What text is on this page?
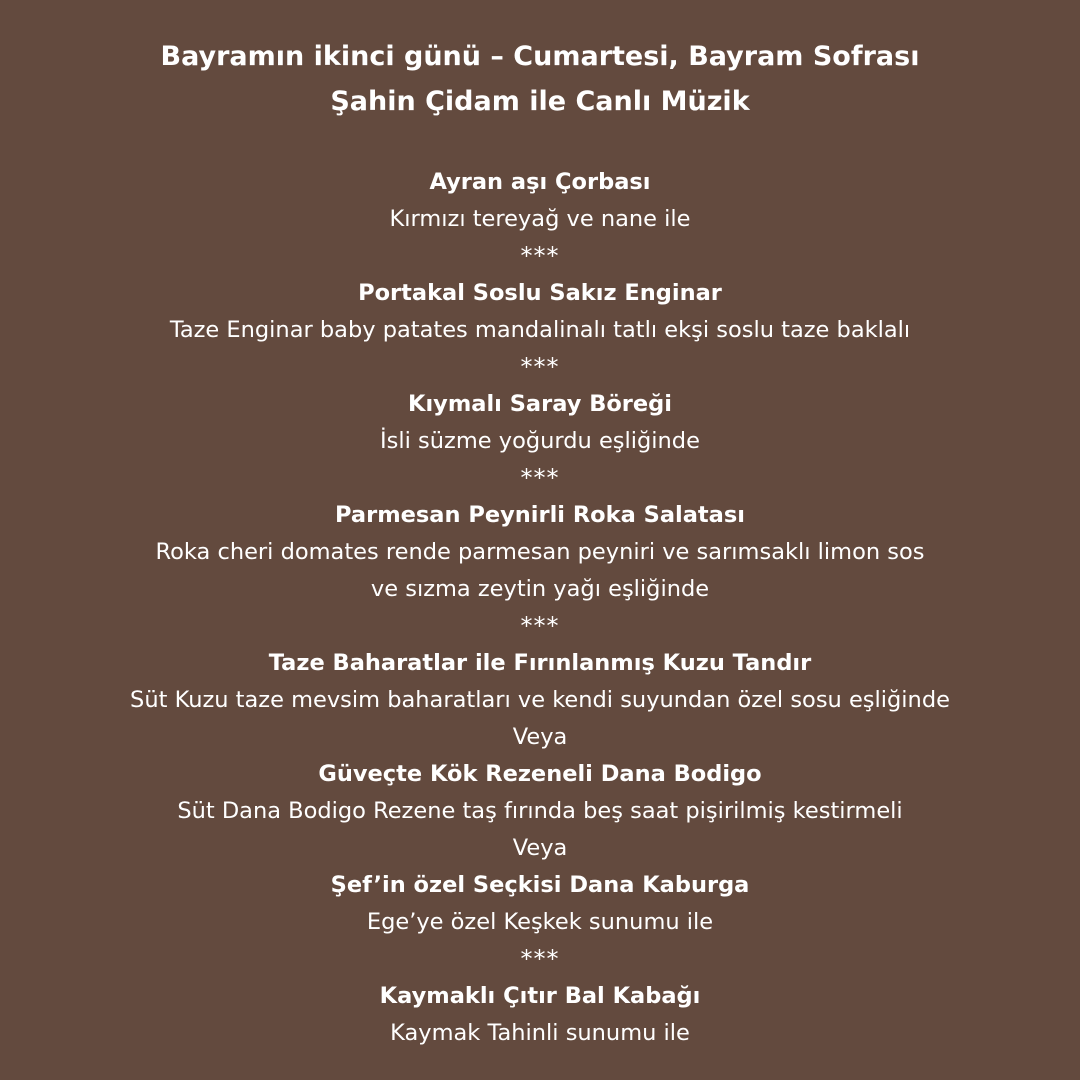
Bayramın ikinci günü – Cumartesi, Bayram Sofrası
Şahin Çidam ile Canlı Müzik
Ayran aşı Çorbası
Kırmızı tereyağ ve nane ile
***
Portakal Soslu Sakız Enginar
Taze Enginar baby patates mandalinalı tatlı ekşi soslu taze baklalı
***
Kıymalı Saray Böreği
İsli süzme yoğurdu eşliğinde
***
Parmesan Peynirli Roka Salatası
Roka cheri domates rende parmesan peyniri ve sarımsaklı limon sos
ve sızma zeytin yağı eşliğinde
***
Taze Baharatlar ile Fırınlanmış Kuzu Tandır
Süt Kuzu taze mevsim baharatları ve kendi suyundan özel sosu eşliğinde
Veya
Güveçte Kök Rezeneli Dana Bodigo
Süt Dana Bodigo Rezene taş fırında beş saat pişirilmiş kestirmeli
Veya
Şef’in özel Seçkisi Dana Kaburga
Ege’ye özel Keşkek sunumu ile
***
Kaymaklı Çıtır Bal Kabağı
Kaymak Tahinli sunumu ile
